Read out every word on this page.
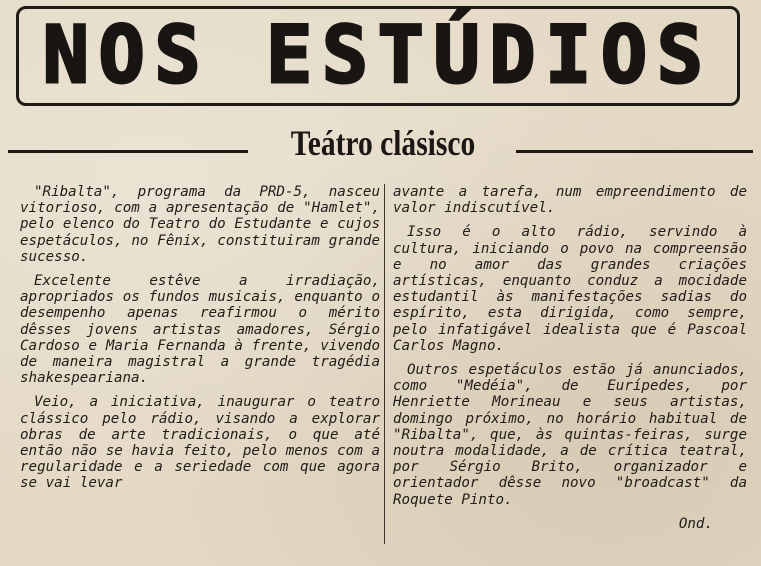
NOS ESTÚDIOS
Teátro clásisco

"Ribalta", programa da PRD-5, nasceu vitorioso, com a apresentação de "Hamlet", pelo elenco do Teatro do Estudante e cujos espetáculos, no Fênix, constituiram grande sucesso.

Excelente estêve a irradiação, apropriados os fundos musicais, enquanto o desempenho apenas reafirmou o mérito dêsses jovens artistas amadores, Sérgio Cardoso e Maria Fernanda à frente, vivendo de maneira magistral a grande tragédia shakespeariana.

Veio, a iniciativa, inaugurar o teatro clássico pelo rádio, visando a explorar obras de arte tradicionais, o que até então não se havia feito, pelo menos com a regularidade e a seriedade com que agora se vai levar

avante a tarefa, num empreendimento de valor indiscutível.

Isso é o alto rádio, servindo à cultura, iniciando o povo na compreensão e no amor das grandes criações artísticas, enquanto conduz a mocidade estudantil às manifestações sadias do espírito, esta dirigida, como sempre, pelo infatigável idealista que é Pascoal Carlos Magno.

Outros espetáculos estão já anunciados, como "Medéia", de Eurípedes, por Henriette Morineau e seus artistas, domingo próximo, no horário habitual de "Ribalta", que, às quintas-feiras, surge noutra modalidade, a de crítica teatral, por Sérgio Brito, organizador e orientador dêsse novo "broadcast" da Roquete Pinto.

Ond.
